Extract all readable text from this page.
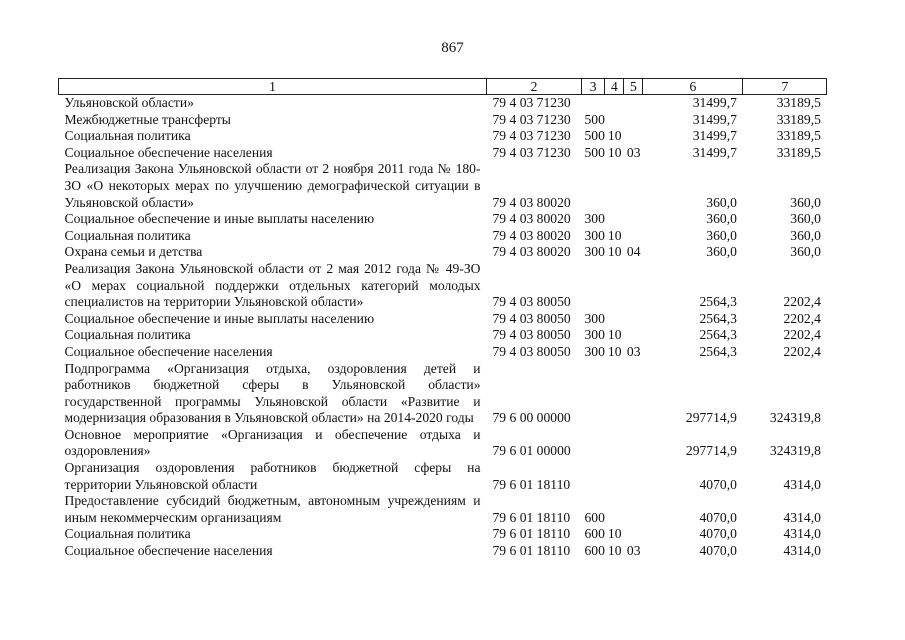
867
1	2	3	4	5	6	7
Ульяновской области»	79 4 03 71230				31499,7	33189,5
Межбюджетные трансферты	79 4 03 71230	500			31499,7	33189,5
Социальная политика	79 4 03 71230	500	10		31499,7	33189,5
Социальное обеспечение населения	79 4 03 71230	500	10	03	31499,7	33189,5
Реализация Закона Ульяновской области от 2 ноября 2011 года № 180-ЗО «О некоторых мерах по улучшению демографической ситуации в Ульяновской области»	79 4 03 80020				360,0	360,0
Социальное обеспечение и иные выплаты населению	79 4 03 80020	300			360,0	360,0
Социальная политика	79 4 03 80020	300	10		360,0	360,0
Охрана семьи и детства	79 4 03 80020	300	10	04	360,0	360,0
Реализация Закона Ульяновской области от 2 мая 2012 года № 49-ЗО «О мерах социальной поддержки отдельных категорий молодых специалистов на территории Ульяновской области»	79 4 03 80050				2564,3	2202,4
Социальное обеспечение и иные выплаты населению	79 4 03 80050	300			2564,3	2202,4
Социальная политика	79 4 03 80050	300	10		2564,3	2202,4
Социальное обеспечение населения	79 4 03 80050	300	10	03	2564,3	2202,4
Подпрограмма «Организация отдыха, оздоровления детей и работников бюджетной сферы в Ульяновской области» государственной программы Ульяновской области «Развитие и модернизация образования в Ульяновской области» на 2014-2020 годы	79 6 00 00000				297714,9	324319,8
Основное мероприятие «Организация и обеспечение отдыха и оздоровления»	79 6 01 00000				297714,9	324319,8
Организация оздоровления работников бюджетной сферы на территории Ульяновской области	79 6 01 18110				4070,0	4314,0
Предоставление субсидий бюджетным, автономным учреждениям и иным некоммерческим организациям	79 6 01 18110	600			4070,0	4314,0
Социальная политика	79 6 01 18110	600	10		4070,0	4314,0
Социальное обеспечение населения	79 6 01 18110	600	10	03	4070,0	4314,0
